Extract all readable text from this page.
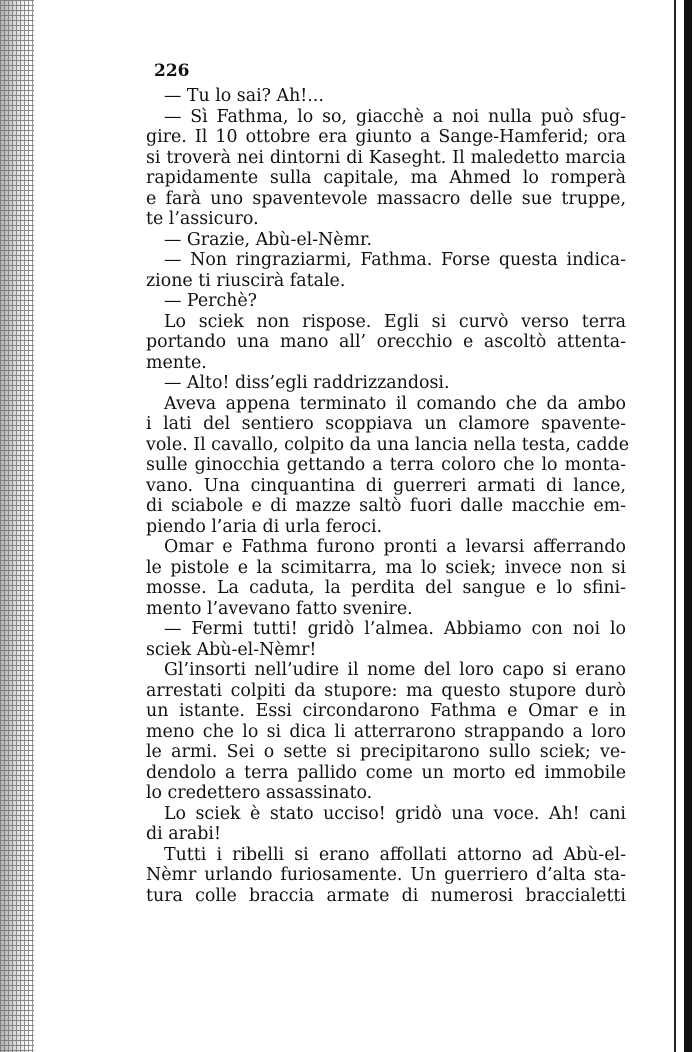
226
— Tu lo sai? Ah!...
— Sì Fathma, lo so, giacchè a noi nulla può sfug-
gire. Il 10 ottobre era giunto a Sange-Hamferid; ora
si troverà nei dintorni di Kaseght. Il maledetto marcia
rapidamente sulla capitale, ma Ahmed lo romperà
e farà uno spaventevole massacro delle sue truppe,
te l’assicuro.
— Grazie, Abù-el-Nèmr.
— Non ringraziarmi, Fathma. Forse questa indica-
zione ti riuscirà fatale.
— Perchè?
Lo sciek non rispose. Egli si curvò verso terra
portando una mano all’ orecchio e ascoltò attenta-
mente.
— Alto! diss’egli raddrizzandosi.
Aveva appena terminato il comando che da ambo
i lati del sentiero scoppiava un clamore spavente-
vole. Il cavallo, colpito da una lancia nella testa, cadde
sulle ginocchia gettando a terra coloro che lo monta-
vano. Una cinquantina di guerreri armati di lance,
di sciabole e di mazze saltò fuori dalle macchie em-
piendo l’aria di urla feroci.
Omar e Fathma furono pronti a levarsi afferrando
le pistole e la scimitarra, ma lo sciek; invece non si
mosse. La caduta, la perdita del sangue e lo sfini-
mento l’avevano fatto svenire.
— Fermi tutti! gridò l’almea. Abbiamo con noi lo
sciek Abù-el-Nèmr!
Gl’insorti nell’udire il nome del loro capo si erano
arrestati colpiti da stupore: ma questo stupore durò
un istante. Essi circondarono Fathma e Omar e in
meno che lo si dica li atterrarono strappando a loro
le armi. Sei o sette si precipitarono sullo sciek; ve-
dendolo a terra pallido come un morto ed immobile
lo credettero assassinato.
Lo sciek è stato ucciso! gridò una voce. Ah! cani
di arabi!
Tutti i ribelli si erano affollati attorno ad Abù-el-
Nèmr urlando furiosamente. Un guerriero d’alta sta-
tura colle braccia armate di numerosi braccialetti
